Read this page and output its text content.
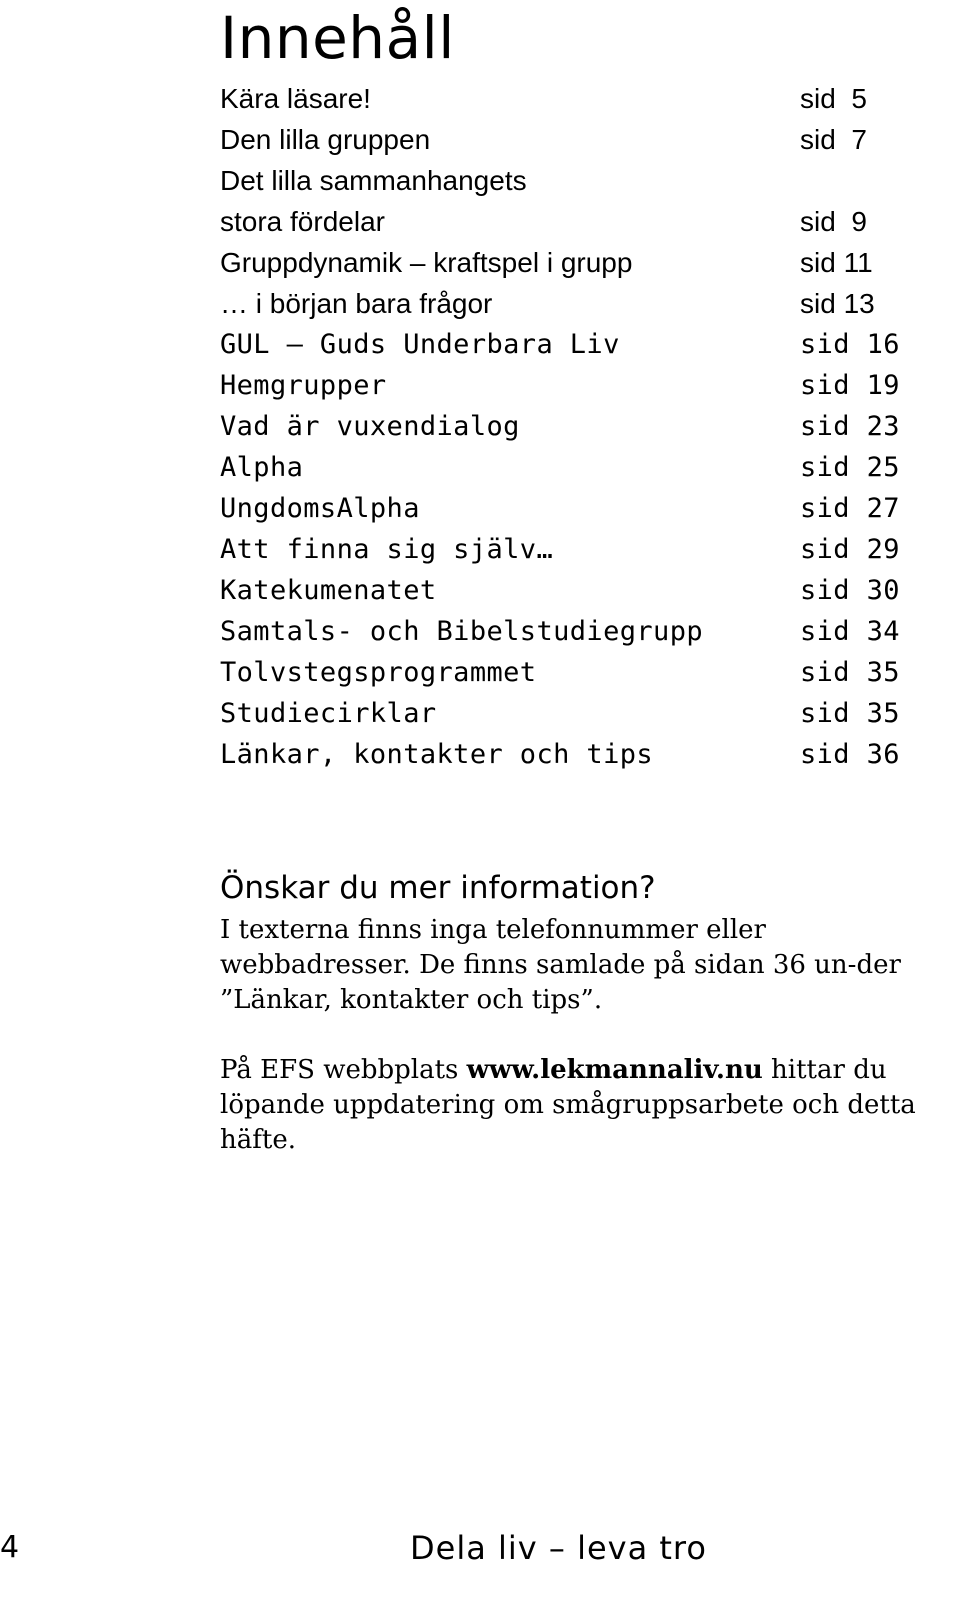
Innehåll
Kära läsare!	sid  5
Den lilla gruppen	sid  7
Det lilla sammanhangets
stora fördelar	sid  9
Gruppdynamik – kraftspel i grupp	sid 11
… i början bara frågor	sid 13
GUL – Guds Underbara Liv	sid 16
Hemgrupper	sid 19
Vad är vuxendialog	sid 23
Alpha	sid 25
UngdomsAlpha	sid 27
Att finna sig själv…	sid 29
Katekumenatet	sid 30
Samtals- och Bibelstudiegrupp	sid 34
Tolvstegsprogrammet	sid 35
Studiecirklar	sid 35
Länkar, kontakter och tips	sid 36
Önskar du mer information?
I texterna finns inga telefonnummer eller webbadresser. De finns samlade på sidan 36 un-der ”Länkar, kontakter och tips”.
På EFS webbplats www.lekmannaliv.nu hittar du löpande uppdatering om smågruppsarbete och detta häfte.
4	Dela liv – leva tro
